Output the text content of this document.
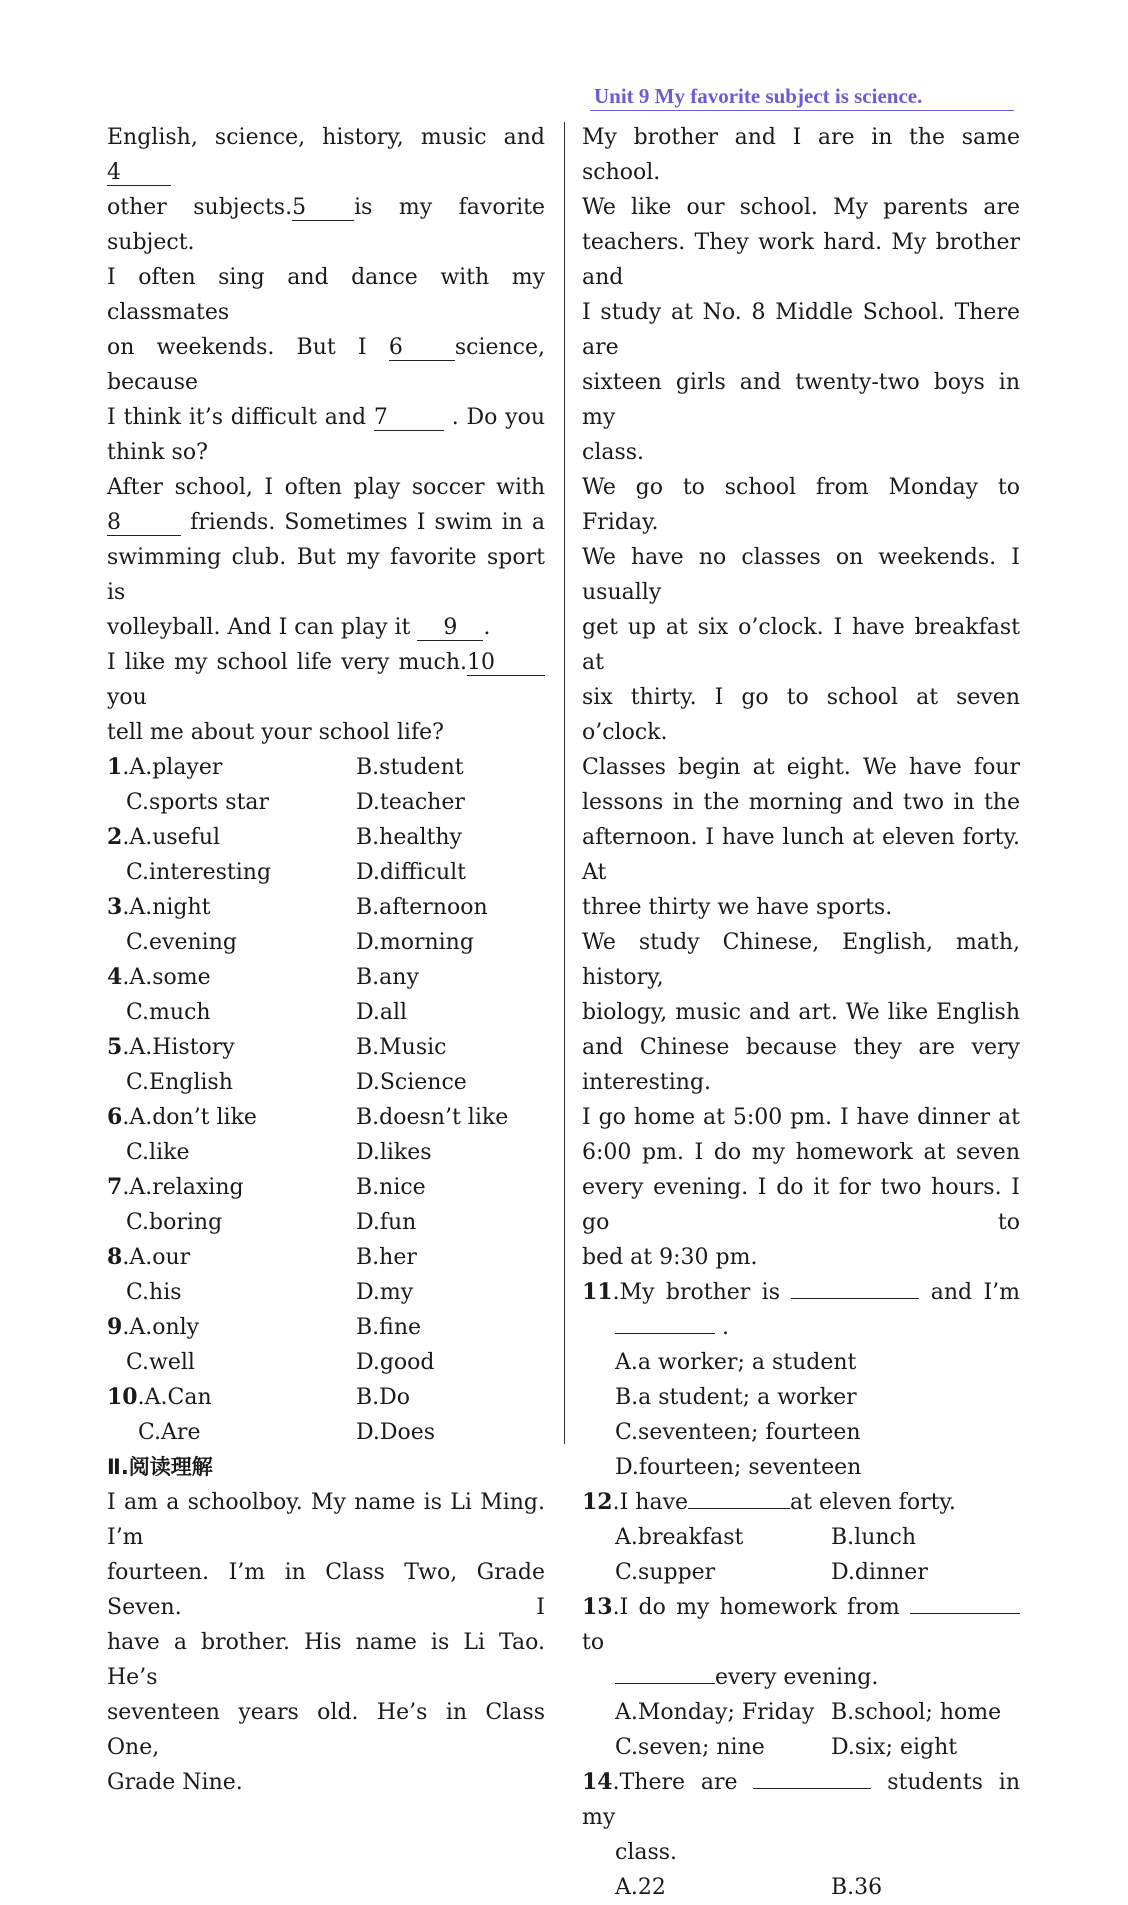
Unit 9 My favorite subject is science.

English, science, history, music and 4

other subjects.5 is my favorite subject.

I often sing and dance with my classmates

on weekends. But I 6 science, because

I think it’s difficult and 7	. Do you

think so?

After school, I often play soccer with

8	friends. Sometimes I swim in a

swimming club. But my favorite sport is

volleyball. And I can play it 9 .

I like my school life very much.10you

tell me about your school life?

1.A.player	B.student
C.sports star	D.teacher
2.A.useful	B.healthy
C.interesting	D.difficult
3.A.night	B.afternoon
C.evening	D.morning
4.A.some	B.any
C.much	D.all
5.A.History	B.Music
C.English	D.Science
6.A.don’t like	B.doesn’t like
C.like	D.likes
7.A.relaxing	B.nice
C.boring	D.fun
8.A.our	B.her
C.his	D.my
9.A.only	B.fine
C.well	D.good
10.A.Can	B.Do
C.Are	D.Does

Ⅱ.阅读理解

I am a schoolboy. My name is Li Ming. I’m

fourteen. I’m in Class Two, Grade Seven. I

have a brother. His name is Li Tao. He’s

seventeen years old. He’s in Class One,

Grade Nine.

My brother and I are in the same school.

We like our school. My parents are

teachers. They work hard. My brother and

I study at No. 8 Middle School. There are

sixteen girls and twenty-two boys in my

class.

We go to school from Monday to Friday.

We have no classes on weekends. I usually

get up at six o’clock. I have breakfast at

six thirty. I go to school at seven o’clock.

Classes begin at eight. We have four

lessons in the morning and two in the

afternoon. I have lunch at eleven forty. At

three thirty we have sports.

We study Chinese, English, math, history,

biology, music and art. We like English

and Chinese because they are very

interesting.

I go home at 5:00 pm. I have dinner at

6:00 pm. I do my homework at seven

every evening. I do it for two hours. I go to

bed at 9:30 pm.

11.My brother is	and I’m

.

A.a worker; a student

B.a student; a worker

C.seventeen; fourteen

D.fourteen; seventeen

12.I have	at eleven forty.

A.breakfast	B.lunch
C.supper	D.dinner

13.I do my homework from  to

every evening.

A.Monday; Friday B.school; home
C.seven; nine	D.six; eight

14.There are	students in my

class.

A.22	B.36
